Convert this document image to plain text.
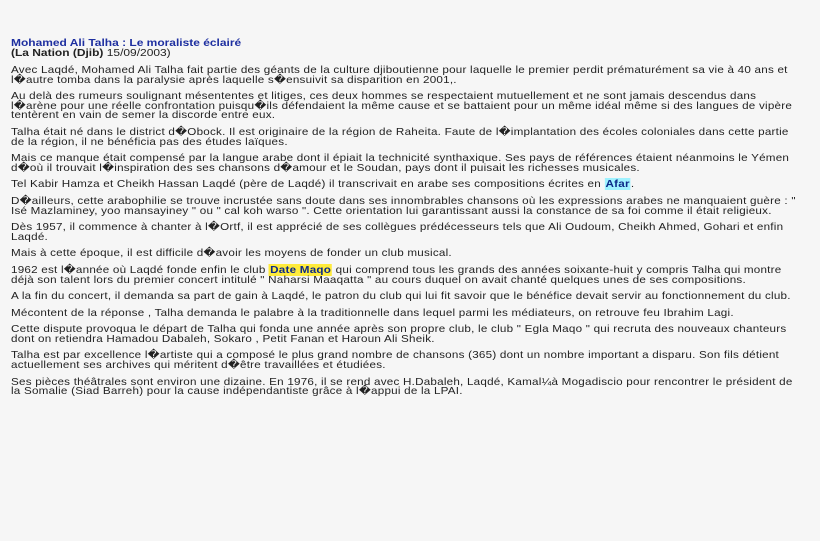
Mohamed Ali Talha : Le moraliste éclairé
(La Nation (Djib) 15/09/2003)

Avec Laqdé, Mohamed Ali Talha fait partie des géants de la culture djiboutienne pour laquelle le premier perdit prématurément sa vie à 40 ans et l�autre tomba dans la paralysie après laquelle s�ensuivit sa disparition en 2001,.

Au delà des rumeurs soulignant mésententes et litiges, ces deux hommes se respectaient mutuellement et ne sont jamais descendus dans l�arène pour une réelle confrontation puisqu�ils défendaient la même cause et se battaient pour un même idéal même si des langues de vipère tentèrent en vain de semer la discorde entre eux.

Talha était né dans le district d�Obock. Il est originaire de la région de Raheita. Faute de l�implantation des écoles coloniales dans cette partie de la région, il ne bénéficia pas des études laïques.

Mais ce manque était compensé par la langue arabe dont il épiait la technicité synthaxique. Ses pays de références étaient néanmoins le Yémen d�où il trouvait l�inspiration des ses chansons d�amour et le Soudan, pays dont il puisait les richesses musicales.

Tel Kabir Hamza et Cheikh Hassan Laqdé (père de Laqdé) il transcrivait en arabe ses compositions écrites en Afar.

D�ailleurs, cette arabophilie se trouve incrustée sans doute dans ses innombrables chansons où les expressions arabes ne manquaient guère : " Isé Mazlaminey, yoo mansayiney " ou " cal koh warso ". Cette orientation lui garantissant aussi la constance de sa foi comme il était religieux.

Dès 1957, il commence à chanter à l�Ortf, il est apprécié de ses collègues prédécesseurs tels que Ali Oudoum, Cheikh Ahmed, Gohari et enfin Laqdé.

Mais à cette époque, il est difficile d�avoir les moyens de fonder un club musical.

1962 est l�année où Laqdé fonde enfin le club Date Maqo qui comprend tous les grands des années soixante-huit y compris Talha qui montre déjà son talent lors du premier concert intitulé " Naharsi Maaqatta " au cours duquel on avait chanté quelques unes de ses compositions.

A la fin du concert, il demanda sa part de gain à Laqdé, le patron du club qui lui fit savoir que le bénéfice devait servir au fonctionnement du club.

Mécontent de la réponse , Talha demanda le palabre à la traditionnelle dans lequel parmi les médiateurs, on retrouve feu Ibrahim Lagi.

Cette dispute provoqua le départ de Talha qui fonda une année après son propre club, le club " Egla Maqo " qui recruta des nouveaux chanteurs dont on retiendra Hamadou Dabaleh, Sokaro , Petit Fanan et Haroun Ali Sheik.

Talha est par excellence l�artiste qui a composé le plus grand nombre de chansons (365) dont un nombre important a disparu. Son fils détient actuellement ses archives qui méritent d�être travaillées et étudiées.

Ses pièces théâtrales sont environ une dizaine. En 1976, il se rend avec H.Dabaleh, Laqdé, Kamal¼à Mogadiscio pour rencontrer le président de la Somalie (Siad Barreh) pour la cause indépendantiste grâce à l�appui de la LPAI.
